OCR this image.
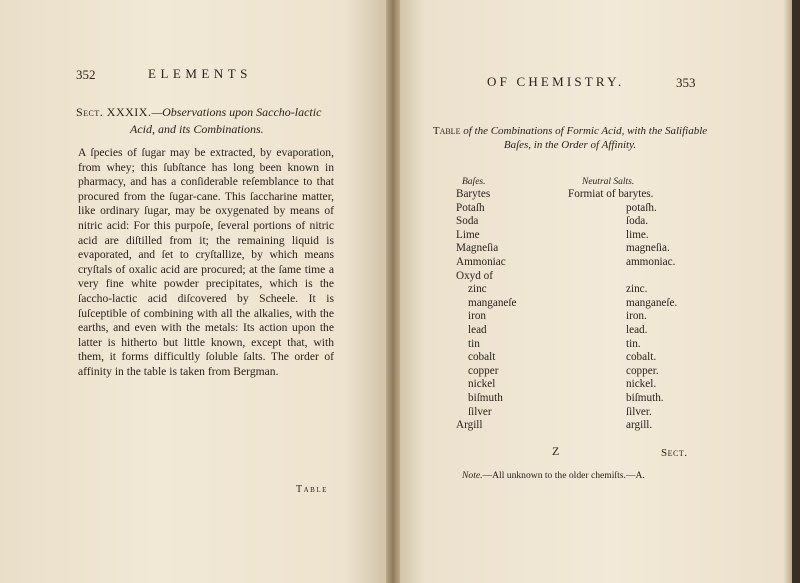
352	ELEMENTS
Sect. XXXIX.—Observations upon Saccho-lactic
Acid, and its Combinations.
A ſpecies of ſugar may be extracted, by evaporation, from whey; this ſubſtance has long been known in pharmacy, and has a conſiderable reſemblance to that procured from the ſugar-cane. This ſaccharine matter, like ordinary ſugar, may be oxygenated by means of nitric acid: For this purpoſe, ſeveral portions of nitric acid are diſtilled from it; the remaining liquid is evaporated, and ſet to cryſtallize, by which means cryſtals of oxalic acid are procured; at the ſame time a very fine white powder precipitates, which is the ſaccho-lactic acid diſcovered by Scheele. It is ſuſceptible of combining with all the alkalies, with the earths, and even with the metals: Its action upon the latter is hitherto but little known, except that, with them, it forms difficultly ſoluble ſalts. The order of affinity in the table is taken from Bergman.
Table
OF CHEMISTRY.	353
Table of the Combinations of Formic Acid, with the Salifiable Baſes, in the Order of Affinity.
Baſes.	Neutral Salts.
Barytes	Formiat of barytes.
Potaſh	potaſh.
Soda	ſoda.
Lime	lime.
Magneſia	magneſia.
Ammoniac	ammoniac.
Oxyd of
zinc	zinc.
manganeſe	manganeſe.
iron	iron.
lead	lead.
tin	tin.
cobalt	cobalt.
copper	copper.
nickel	nickel.
biſmuth	biſmuth.
ſilver	ſilver.
Argill	argill.
Z	Sect.
Note.—All unknown to the older chemiſts.—A.
